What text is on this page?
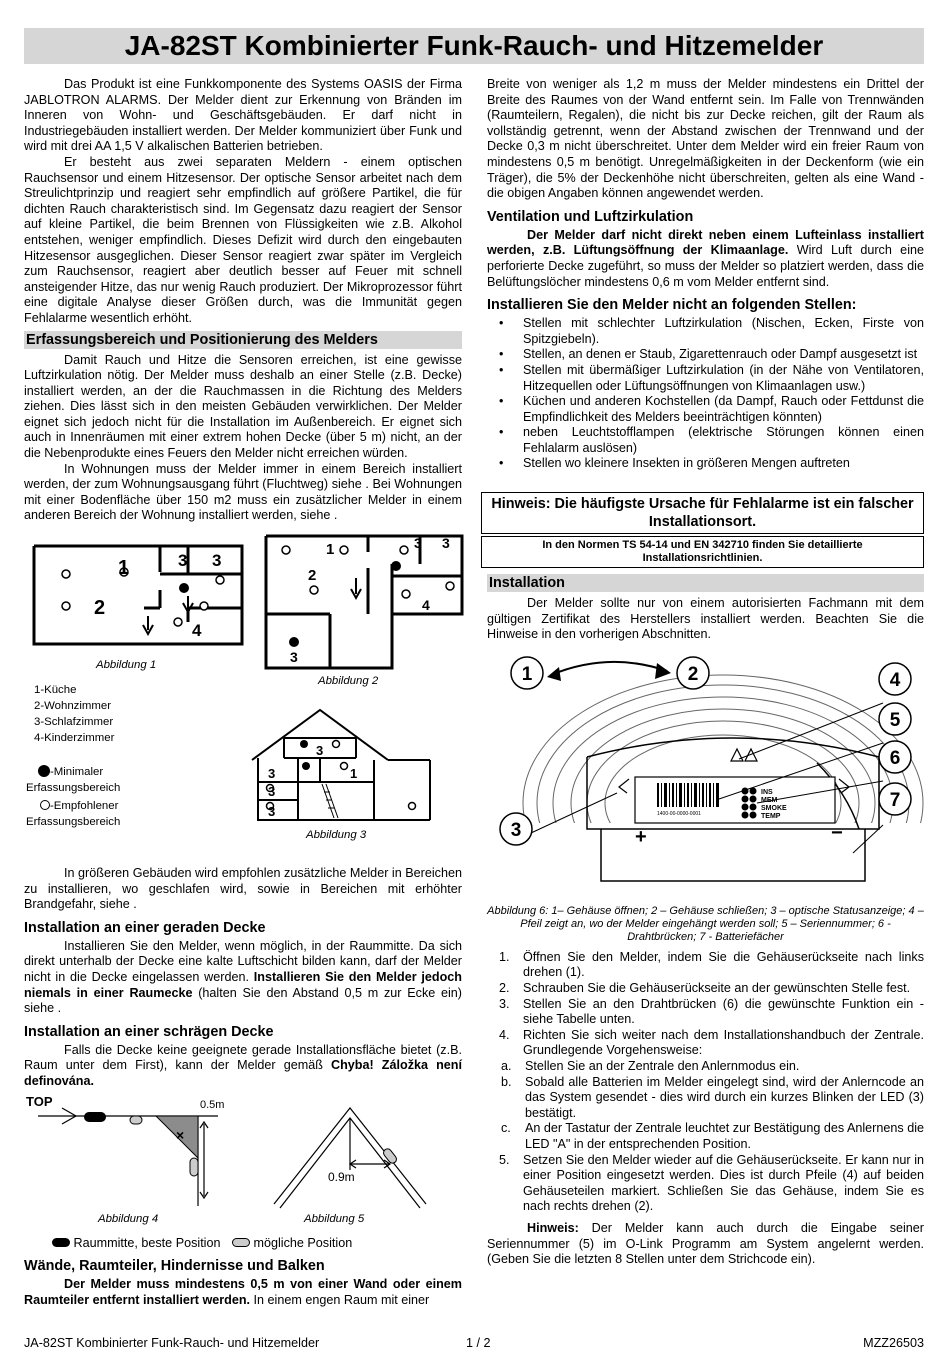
JA-82ST Kombinierter Funk-Rauch- und Hitzemelder

Das Produkt ist eine Funkkomponente des Systems OASIS der Firma JABLOTRON ALARMS. Der Melder dient zur Erkennung von Bränden im Inneren von Wohn- und Geschäftsgebäuden. Er darf nicht in Industriegebäuden installiert werden. Der Melder kommuniziert über Funk und wird mit drei AA 1,5 V alkalischen Batterien betrieben.

Er besteht aus zwei separaten Meldern - einem optischen Rauchsensor und einem Hitzesensor. Der optische Sensor arbeitet nach dem Streulichtprinzip und reagiert sehr empfindlich auf größere Partikel, die für dichten Rauch charakteristisch sind. Im Gegensatz dazu reagiert der Sensor auf kleine Partikel, die beim Brennen von Flüssigkeiten wie z.B. Alkohol entstehen, weniger empfindlich. Dieses Defizit wird durch den eingebauten Hitzesensor ausgeglichen. Dieser Sensor reagiert zwar später im Vergleich zum Rauchsensor, reagiert aber deutlich besser auf Feuer mit schnell ansteigender Hitze, das nur wenig Rauch produziert. Der Mikroprozessor führt eine digitale Analyse dieser Größen durch, was die Immunität gegen Fehlalarme wesentlich erhöht.

Erfassungsbereich und Positionierung des Melders

Damit Rauch und Hitze die Sensoren erreichen, ist eine gewisse Luftzirkulation nötig. Der Melder muss deshalb an einer Stelle (z.B. Decke) installiert werden, an der die Rauchmassen in die Richtung des Melders ziehen. Dies lässt sich in den meisten Gebäuden verwirklichen. Der Melder eignet sich jedoch nicht für die Installation im Außenbereich. Er eignet sich auch in Innenräumen mit einer extrem hohen Decke (über 5 m) nicht, an der die Nebenprodukte eines Feuers den Melder nicht erreichen würden.

In Wohnungen muss der Melder immer in einem Bereich installiert werden, der zum Wohnungsausgang führt (Fluchtweg) siehe . Bei Wohnungen mit einer Bodenfläche über 150 m2 muss ein zusätzlicher Melder in einem anderen Bereich der Wohnung installiert werden, siehe .

1
2
3 3
4
Abbildung 1
1
2
3 3
4
3
Abbildung 2
1-Küche
2-Wohnzimmer
3-Schlafzimmer
4-Kinderzimmer
-Minimaler
Erfassungsbereich
-Empfohlener
Erfassungsbereich
3
3	1
3
3
Abbildung 3

In größeren Gebäuden wird empfohlen zusätzliche Melder in Bereichen zu installieren, wo geschlafen wird, sowie in Bereichen mit erhöhter Brandgefahr, siehe .

Installation an einer geraden Decke

Installieren Sie den Melder, wenn möglich, in der Raummitte. Da sich direkt unterhalb der Decke eine kalte Luftschicht bilden kann, darf der Melder nicht in die Decke eingelassen werden. Installieren Sie den Melder jedoch niemals in einer Raumecke (halten Sie den Abstand 0,5 m zur Ecke ein) siehe .

Installation an einer schrägen Decke

Falls die Decke keine geeignete gerade Installationsfläche bietet (z.B. Raum unter dem First), kann der Melder gemäß Chyba! Záložka není definována.

TOP
×
0.5m
0.9m
Abbildung 4	Abbildung 5
Raummitte, beste Position	mögliche Position
Wände, Raumteiler, Hindernisse und Balken

Der Melder muss mindestens 0,5 m von einer Wand oder einem Raumteiler entfernt installiert werden. In einem engen Raum mit einer

Breite von weniger als 1,2 m muss der Melder mindestens ein Drittel der Breite des Raumes von der Wand entfernt sein. Im Falle von Trennwänden (Raumteilern, Regalen), die nicht bis zur Decke reichen, gilt der Raum als vollständig getrennt, wenn der Abstand zwischen der Trennwand und der Decke 0,3 m nicht überschreitet. Unter dem Melder wird ein freier Raum von mindestens 0,5 m benötigt. Unregelmäßigkeiten in der Deckenform (wie ein Träger), die 5% der Deckenhöhe nicht überschreiten, gelten als eine Wand - die obigen Angaben können angewendet werden.

Ventilation und Luftzirkulation

Der Melder darf nicht direkt neben einem Lufteinlass installiert werden, z.B. Lüftungsöffnung der Klimaanlage. Wird Luft durch eine perforierte Decke zugeführt, so muss der Melder so platziert werden, dass die Belüftungslöcher mindestens 0,6 m vom Melder entfernt sind.

Installieren Sie den Melder nicht an folgenden Stellen:
• Stellen mit schlechter Luftzirkulation (Nischen, Ecken, Firste von Spitzgiebeln).
• Stellen, an denen er Staub, Zigarettenrauch oder Dampf ausgesetzt ist
• Stellen mit übermäßiger Luftzirkulation (in der Nähe von Ventilatoren, Hitzequellen oder Lüftungsöffnungen von Klimaanlagen usw.)
• Küchen und anderen Kochstellen (da Dampf, Rauch oder Fettdunst die Empfindlichkeit des Melders beeinträchtigen könnten)
• neben Leuchtstofflampen (elektrische Störungen können einen Fehlalarm auslösen)
• Stellen wo kleinere Insekten in größeren Mengen auftreten
Hinweis: Die häufigste Ursache für Fehlalarme ist ein falscher Installationsort.
In den Normen TS 54-14 und EN 342710 finden Sie detaillierte Installationsrichtlinien.
Installation

Der Melder sollte nur von einem autorisierten Fachmann mit dem gültigen Zertifikat des Herstellers installiert werden. Beachten Sie die Hinweise in den vorherigen Abschnitten.

+	−
1	2
3
4
5
6
7
1400-00-0000-0001
INS
MEM
SMOKE
TEMP
Abbildung 6: 1– Gehäuse öffnen; 2 – Gehäuse schließen; 3 – optische Statusanzeige; 4 – Pfeil zeigt an, wo der Melder eingehängt werden soll; 5 – Seriennummer; 6 - Drahtbrücken; 7 - Batteriefächer
1. Öffnen Sie den Melder, indem Sie die Gehäuserückseite nach links drehen (1).
2. Schrauben Sie die Gehäuserückseite an der gewünschten Stelle fest.
3. Stellen Sie an den Drahtbrücken (6) die gewünschte Funktion ein - siehe Tabelle unten.
4. Richten Sie sich weiter nach dem Installationshandbuch der Zentrale. Grundlegende Vorgehensweise:
a. Stellen Sie an der Zentrale den Anlernmodus ein.
b. Sobald alle Batterien im Melder eingelegt sind, wird der Anlerncode an das System gesendet - dies wird durch ein kurzes Blinken der LED (3) bestätigt.
c. An der Tastatur der Zentrale leuchtet zur Bestätigung des Anlernens die LED "A" in der entsprechenden Position.
5. Setzen Sie den Melder wieder auf die Gehäuserückseite. Er kann nur in einer Position eingesetzt werden. Dies ist durch Pfeile (4) auf beiden Gehäuseteilen markiert. Schließen Sie das Gehäuse, indem Sie es nach rechts drehen (2).

Hinweis: Der Melder kann auch durch die Eingabe seiner Seriennummer (5) im O-Link Programm am System angelernt werden. (Geben Sie die letzten 8 Stellen unter dem Strichcode ein).

JA-82ST Kombinierter Funk-Rauch- und Hitzemelder	1 / 2	MZZ26503
